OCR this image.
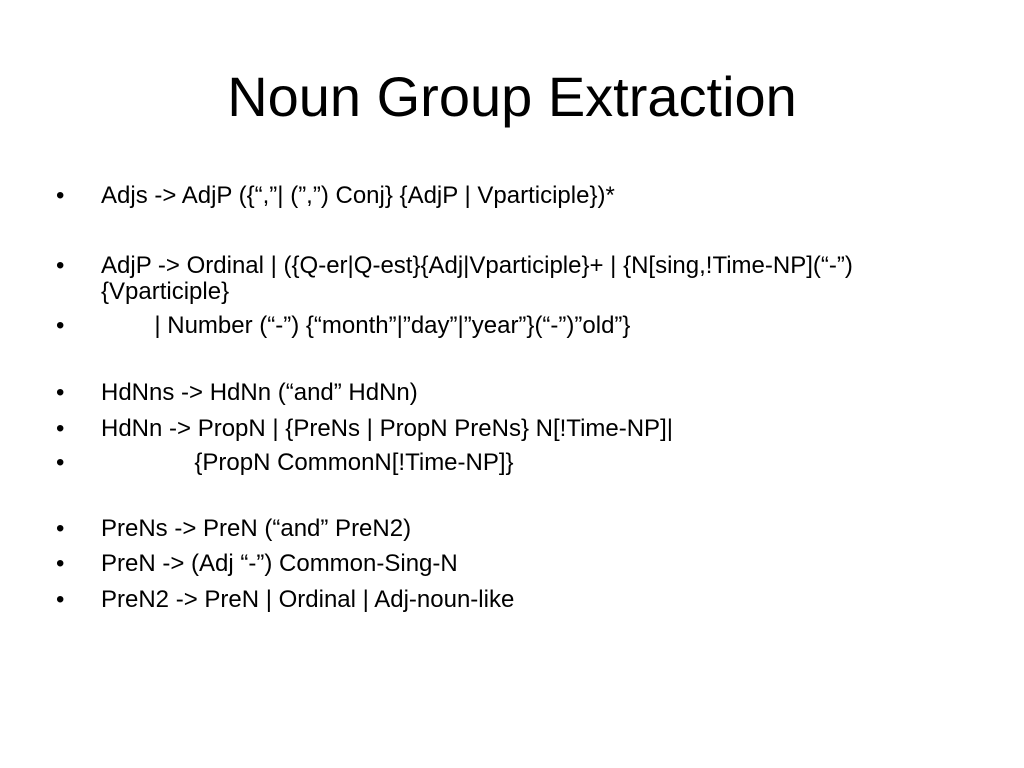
Noun Group Extraction
•	Adjs -> AdjP ({“,”| (”,”) Conj} {AdjP | Vparticiple})*
•	AdjP -> Ordinal | ({Q-er|Q-est}{Adj|Vparticiple}+ | {N[sing,!Time-NP](“-”){Vparticiple}
•	| Number (“-”) {“month”|”day”|”year”}(“-”)”old”}
•	HdNns -> HdNn (“and” HdNn)
•	HdNn -> PropN | {PreNs | PropN PreNs} N[!Time-NP]|
•	{PropN CommonN[!Time-NP]}
•	PreNs -> PreN (“and” PreN2)
•	PreN -> (Adj “-”) Common-Sing-N
•	PreN2 -> PreN | Ordinal | Adj-noun-like
